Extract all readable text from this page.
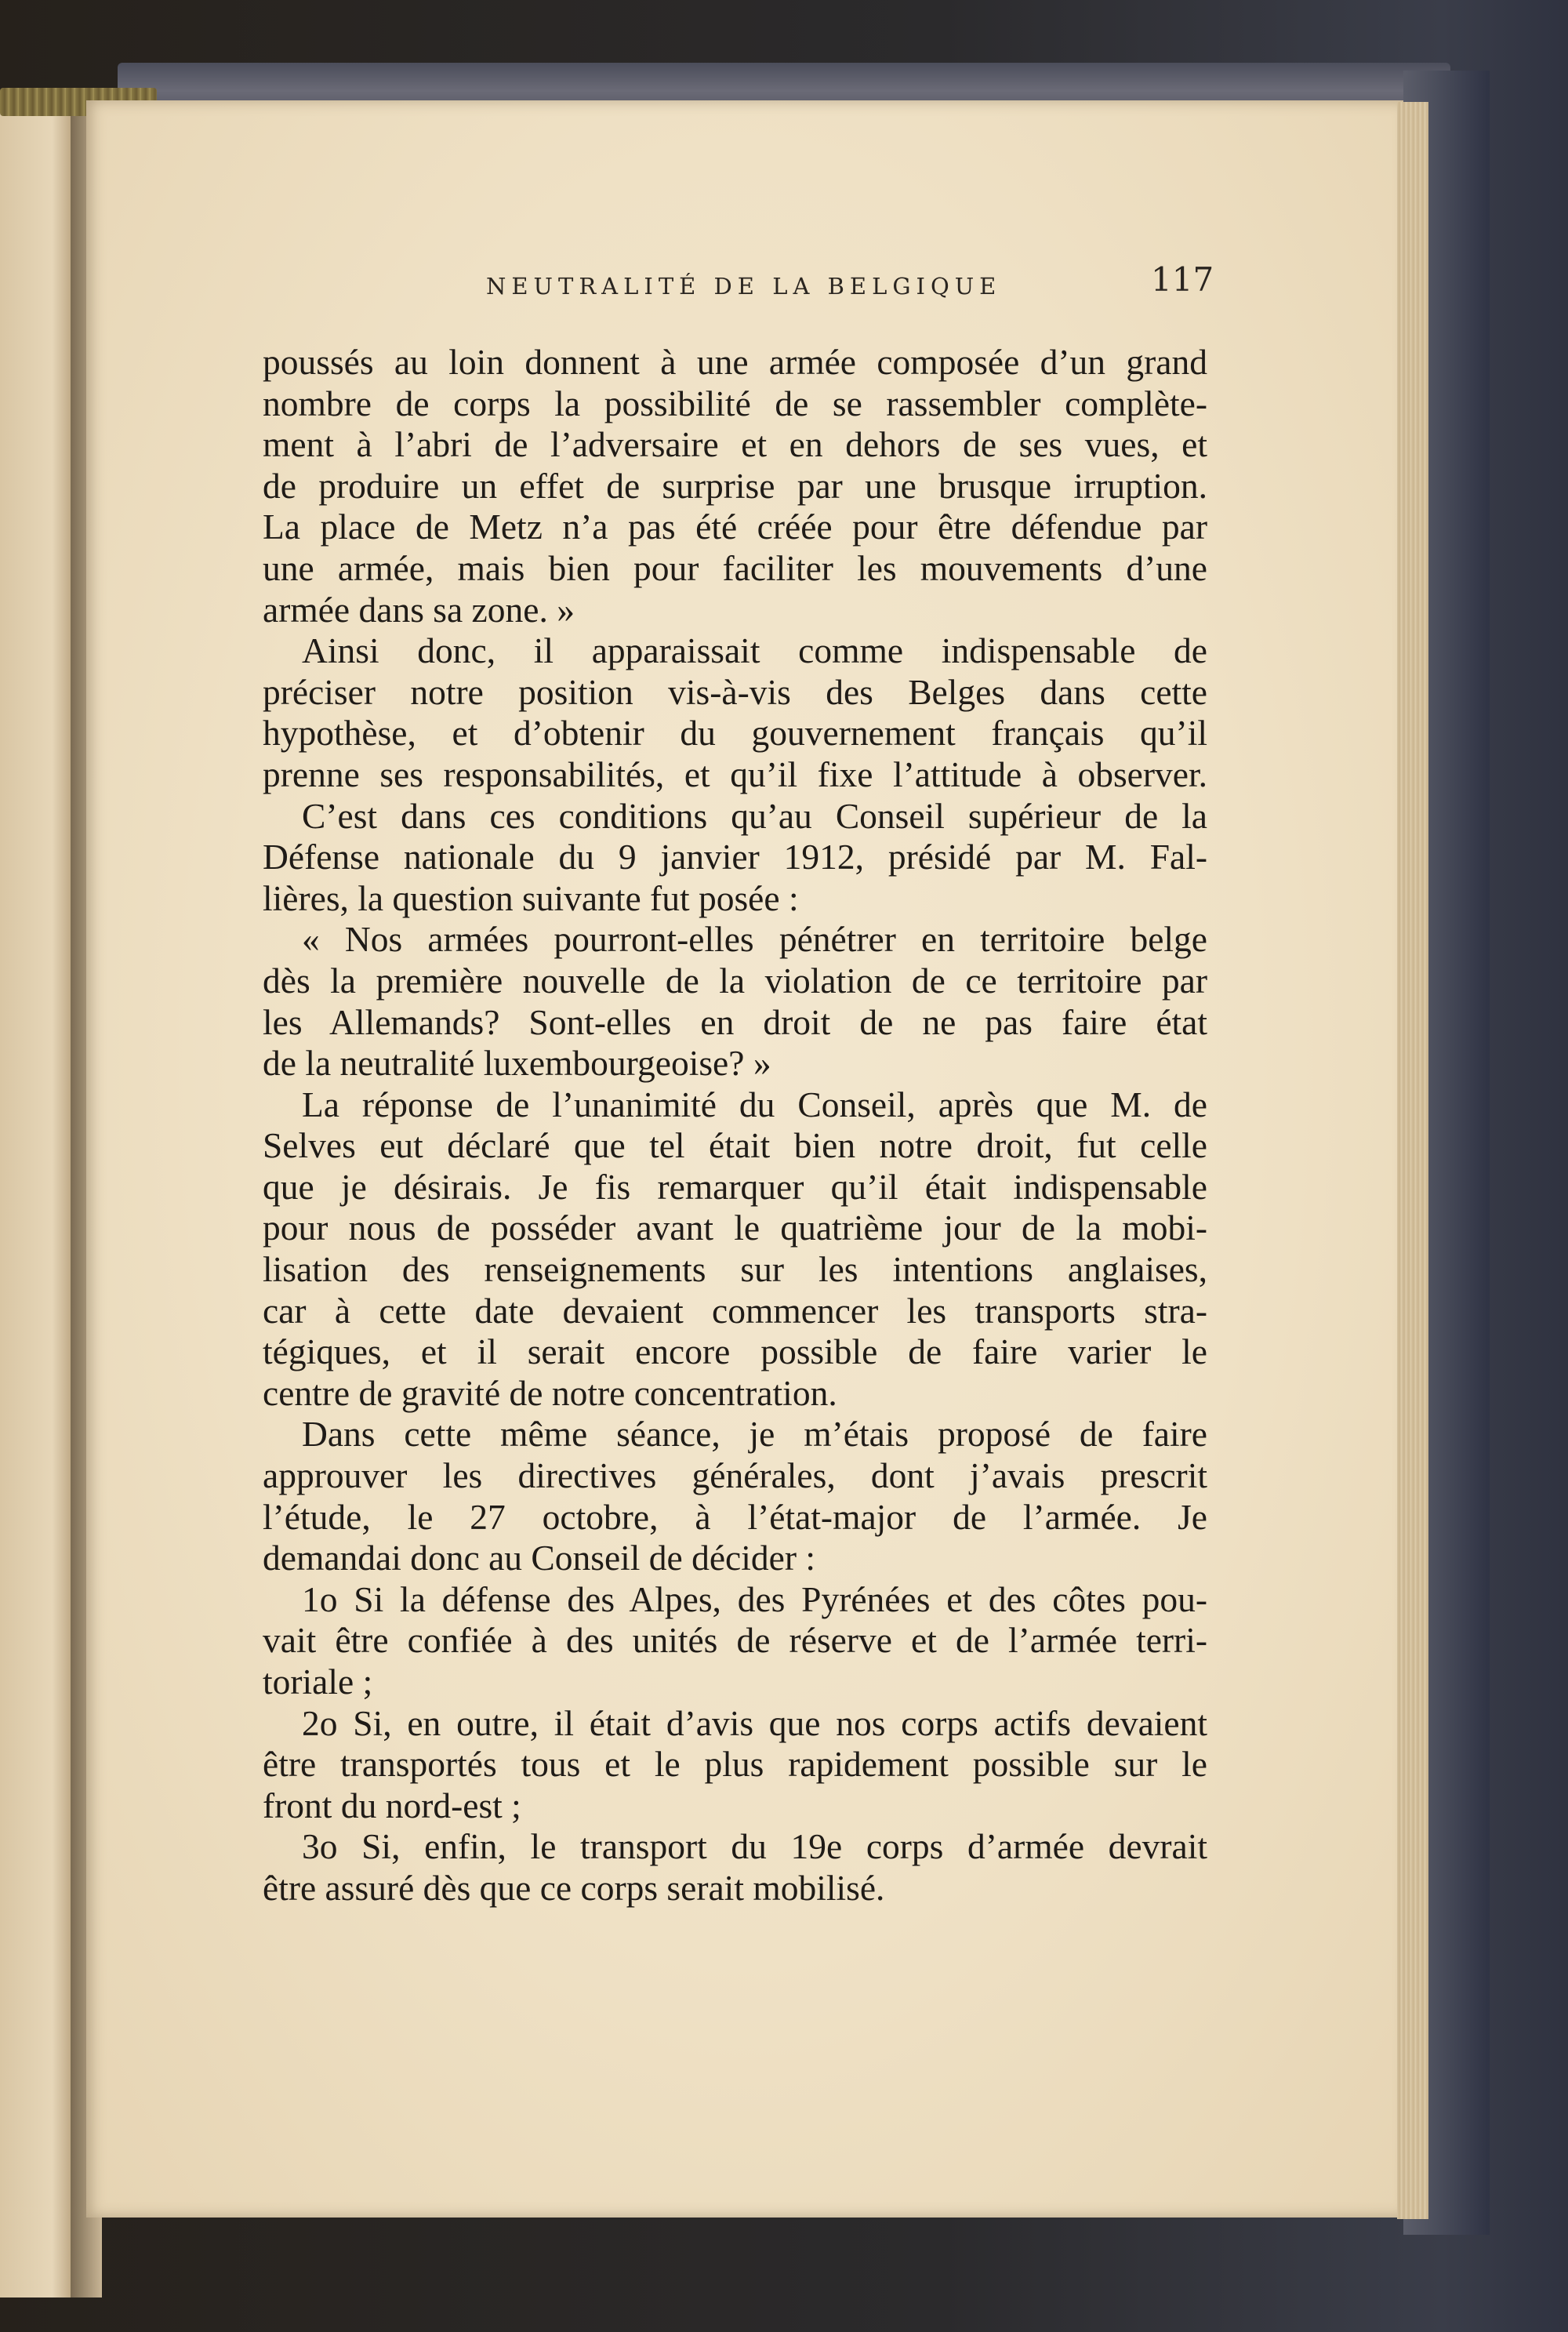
NEUTRALITÉ DE LA BELGIQUE	117
poussés au loin donnent à une armée composée d’un grand
nombre de corps la possibilité de se rassembler complète-
ment à l’abri de l’adversaire et en dehors de ses vues, et
de produire un effet de surprise par une brusque irruption.
La place de Metz n’a pas été créée pour être défendue par
une armée, mais bien pour faciliter les mouvements d’une
armée dans sa zone. »
Ainsi donc, il apparaissait comme indispensable de
préciser notre position vis-à-vis des Belges dans cette
hypothèse, et d’obtenir du gouvernement français qu’il
prenne ses responsabilités, et qu’il fixe l’attitude à observer.
C’est dans ces conditions qu’au Conseil supérieur de la
Défense nationale du 9 janvier 1912, présidé par M. Fal-
lières, la question suivante fut posée :
« Nos armées pourront-elles pénétrer en territoire belge
dès la première nouvelle de la violation de ce territoire par
les Allemands? Sont-elles en droit de ne pas faire état
de la neutralité luxembourgeoise? »
La réponse de l’unanimité du Conseil, après que M. de
Selves eut déclaré que tel était bien notre droit, fut celle
que je désirais. Je fis remarquer qu’il était indispensable
pour nous de posséder avant le quatrième jour de la mobi-
lisation des renseignements sur les intentions anglaises,
car à cette date devaient commencer les transports stra-
tégiques, et il serait encore possible de faire varier le
centre de gravité de notre concentration.
Dans cette même séance, je m’étais proposé de faire
approuver les directives générales, dont j’avais prescrit
l’étude, le 27 octobre, à l’état-major de l’armée. Je
demandai donc au Conseil de décider :
1o Si la défense des Alpes, des Pyrénées et des côtes pou-
vait être confiée à des unités de réserve et de l’armée terri-
toriale ;
2o Si, en outre, il était d’avis que nos corps actifs devaient
être transportés tous et le plus rapidement possible sur le
front du nord-est ;
3o Si, enfin, le transport du 19e corps d’armée devrait
être assuré dès que ce corps serait mobilisé.
